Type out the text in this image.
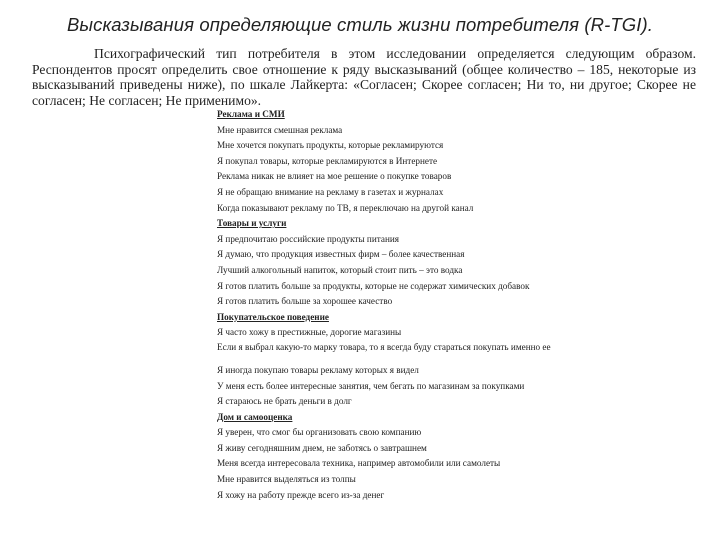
Высказывания определяющие стиль жизни потребителя (R-TGI).
Психографический тип потребителя в этом исследовании определяется следующим образом. Респондентов просят определить свое отношение к ряду высказываний (общее количество – 185, некоторые из высказываний приведены ниже), по шкале Лайкерта: «Согласен; Скорее согласен; Ни то, ни другое; Скорее не согласен; Не согласен; Не применимо».
Реклама и СМИ
Мне нравится смешная реклама
Мне хочется покупать продукты, которые рекламируются
Я покупал товары, которые рекламируются в Интернете
Реклама никак не влияет на мое решение о покупке товаров
Я не обращаю внимание на рекламу в газетах и журналах
Когда показывают рекламу по ТВ, я переключаю на другой канал
Товары и услуги
Я предпочитаю российские продукты питания
Я думаю, что продукция известных фирм – более качественная
Лучший алкогольный напиток, который стоит пить – это водка
Я готов платить больше за продукты, которые не содержат химических добавок
Я готов платить больше за хорошее качество
Покупательское поведение
Я часто хожу в престижные, дорогие магазины
Если я выбрал какую-то марку товара, то я всегда буду стараться покупать именно ее
Я иногда покупаю товары рекламу которых я видел
У меня есть более интересные занятия, чем бегать по магазинам за покупками
Я стараюсь не брать деньги в долг
Дом и самооценка
Я уверен, что смог бы организовать свою компанию
Я живу сегодняшним днем, не заботясь о завтрашнем
Меня всегда интересовала техника, например автомобили или самолеты
Мне нравится выделяться из толпы
Я хожу на работу прежде всего из-за денег
